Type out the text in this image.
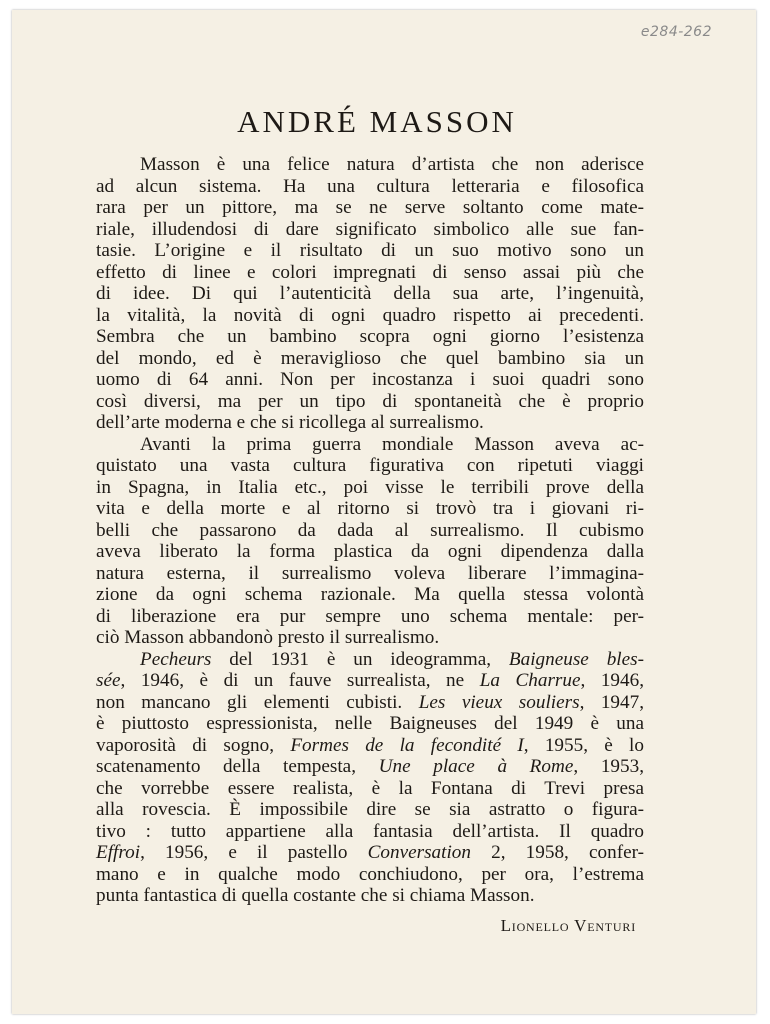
e284-262
ANDRÉ MASSON
Masson è una felice natura d’artista che non aderisce
ad alcun sistema. Ha una cultura letteraria e filosofica
rara per un pittore, ma se ne serve soltanto come mate-
riale, illudendosi di dare significato simbolico alle sue fan-
tasie. L’origine e il risultato di un suo motivo sono un
effetto di linee e colori impregnati di senso assai più che
di idee. Di qui l’autenticità della sua arte, l’ingenuità,
la vitalità, la novità di ogni quadro rispetto ai precedenti.
Sembra che un bambino scopra ogni giorno l’esistenza
del mondo, ed è meraviglioso che quel bambino sia un
uomo di 64 anni. Non per incostanza i suoi quadri sono
così diversi, ma per un tipo di spontaneità che è proprio
dell’arte moderna e che si ricollega al surrealismo.
Avanti la prima guerra mondiale Masson aveva ac-
quistato una vasta cultura figurativa con ripetuti viaggi
in Spagna, in Italia etc., poi visse le terribili prove della
vita e della morte e al ritorno si trovò tra i giovani ri-
belli che passarono da dada al surrealismo. Il cubismo
aveva liberato la forma plastica da ogni dipendenza dalla
natura esterna, il surrealismo voleva liberare l’immagina-
zione da ogni schema razionale. Ma quella stessa volontà
di liberazione era pur sempre uno schema mentale: per-
ciò Masson abbandonò presto il surrealismo.
Pecheurs del 1931 è un ideogramma, Baigneuse bles-
sée, 1946, è di un fauve surrealista, ne La Charrue, 1946,
non mancano gli elementi cubisti. Les vieux souliers, 1947,
è piuttosto espressionista, nelle Baigneuses del 1949 è una
vaporosità di sogno, Formes de la fecondité I, 1955, è lo
scatenamento della tempesta, Une place à Rome, 1953,
che vorrebbe essere realista, è la Fontana di Trevi presa
alla rovescia. È impossibile dire se sia astratto o figura-
tivo : tutto appartiene alla fantasia dell’artista. Il quadro
Effroi, 1956, e il pastello Conversation 2, 1958, confer-
mano e in qualche modo conchiudono, per ora, l’estrema
punta fantastica di quella costante che si chiama Masson.
Lionello Venturi
